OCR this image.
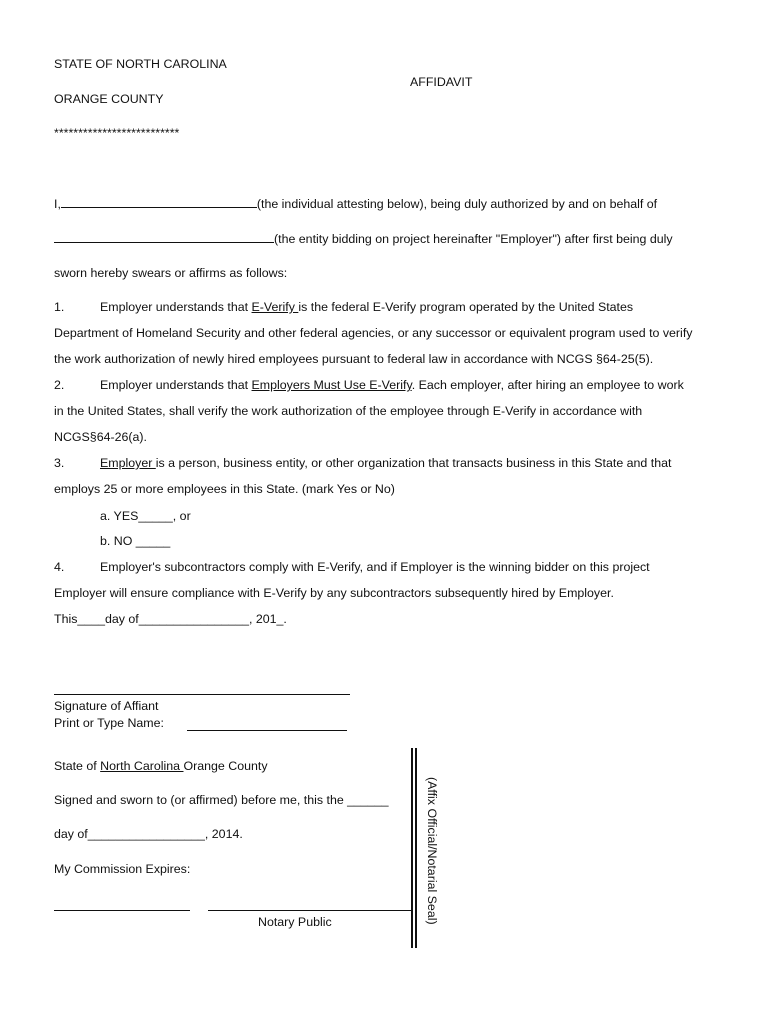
STATE OF NORTH CAROLINA
AFFIDAVIT
ORANGE COUNTY
**************************
I,	(the individual attesting below), being duly authorized by and on behalf of
(the entity bidding on project hereinafter "Employer") after first being duly
sworn hereby swears or affirms as follows:
1.	Employer understands that E-Verify is the federal E-Verify program operated by the United States
Department of Homeland Security and other federal agencies, or any successor or equivalent program used to verify
the work authorization of newly hired employees pursuant to federal law in accordance with NCGS §64-25(5).
2.	Employer understands that Employers Must Use E-Verify. Each employer, after hiring an employee to work
in the United States, shall verify the work authorization of the employee through E-Verify in accordance with
NCGS§64-26(a).
3.	Employer is a person, business entity, or other organization that transacts business in this State and that
employs 25 or more employees in this State. (mark Yes or No)
a. YES_____, or
b. NO _____
4.	Employer's subcontractors comply with E-Verify, and if Employer is the winning bidder on this project
Employer will ensure compliance with E-Verify by any subcontractors subsequently hired by Employer.
This____day of________________, 201_.
Signature of Affiant
Print or Type Name:
State of North Carolina Orange County
Signed and sworn to (or affirmed) before me, this the ______
day of_________________, 2014.
My Commission Expires:
Notary Public	(Affix Official/Notarial Seal)
